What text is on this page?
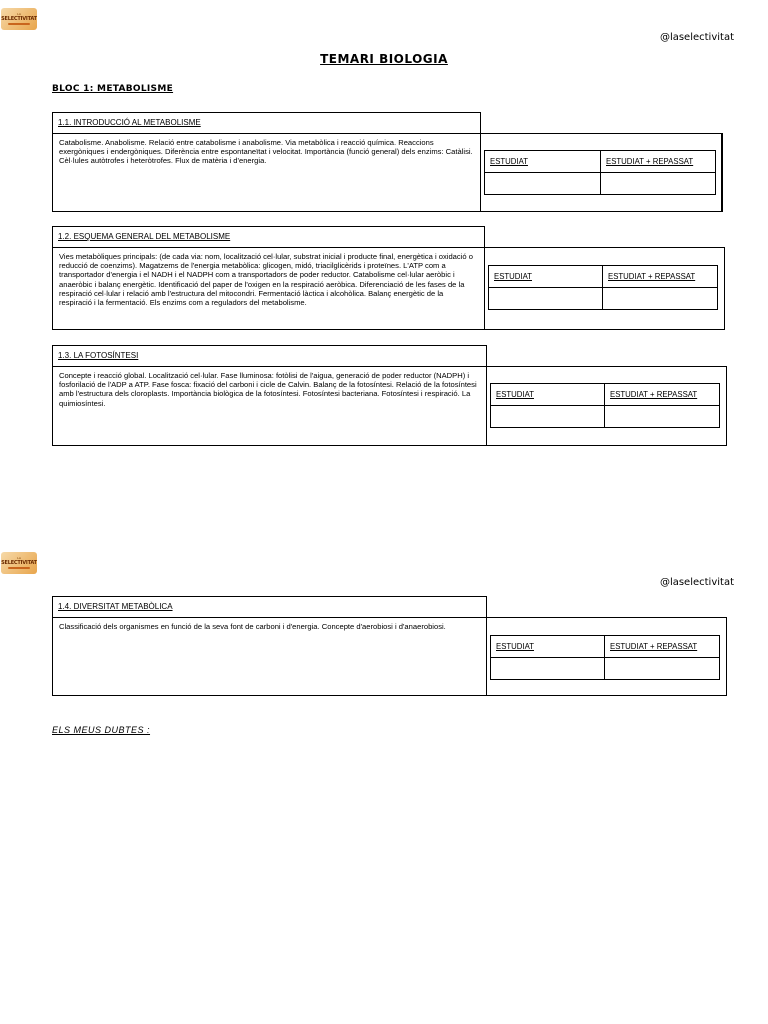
LA
SELECTIVITAT
@laselectivitat
TEMARI BIOLOGIA
BLOC 1: METABOLISME
1.1. INTRODUCCIÓ AL METABOLISME
Catabolisme. Anabolisme. Relació entre catabolisme i anabolisme. Via metabòlica i reacció química. Reaccions exergòniques i endergòniques. Diferència entre espontaneïtat i velocitat. Importància (funció general) dels enzims: Catàlisi. Cèl·lules autòtrofes i heteròtrofes. Flux de matèria i d'energia.	ESTUDIAT	ESTUDIAT + REPASSAT

1.2. ESQUEMA GENERAL DEL METABOLISME
Vies metabòliques principals: (de cada via: nom, localització cel·lular, substrat inicial i producte final, energètica i oxidació o reducció de coenzims). Magatzems de l'energia metabòlica: glicogen, midó, triacilglicèrids i proteïnes. L'ATP com a transportador d'energia i el NADH i el NADPH com a transportadors de poder reductor. Catabolisme cel·lular aeròbic i anaeròbic i balanç energètic. Identificació del paper de l'oxigen en la respiració aeròbica. Diferenciació de les fases de la respiració cel·lular i relació amb l'estructura del mitocondri. Fermentació làctica i alcohòlica. Balanç energètic de la respiració i la fermentació. Els enzims com a reguladors del metabolisme.
ESTUDIAT	ESTUDIAT + REPASSAT

1.3. LA FOTOSÍNTESI
Concepte i reacció global. Localització cel·lular. Fase lluminosa: fotòlisi de l'aigua, generació de poder reductor (NADPH) i fosforilació de l'ADP a ATP. Fase fosca: fixació del carboni i cicle de Calvin. Balanç de la fotosíntesi. Relació de la fotosíntesi amb l'estructura dels cloroplasts. Importància biològica de la fotosíntesi. Fotosíntesi bacteriana. Fotosíntesi i respiració. La quimiosíntesi.
ESTUDIAT	ESTUDIAT + REPASSAT

LA
SELECTIVITAT
@laselectivitat
1.4. DIVERSITAT METABÒLICA
Classificació dels organismes en funció de la seva font de carboni i d'energia. Concepte d'aerobiosi i d'anaerobiosi.
ESTUDIAT	ESTUDIAT + REPASSAT

ELS MEUS DUBTES :
